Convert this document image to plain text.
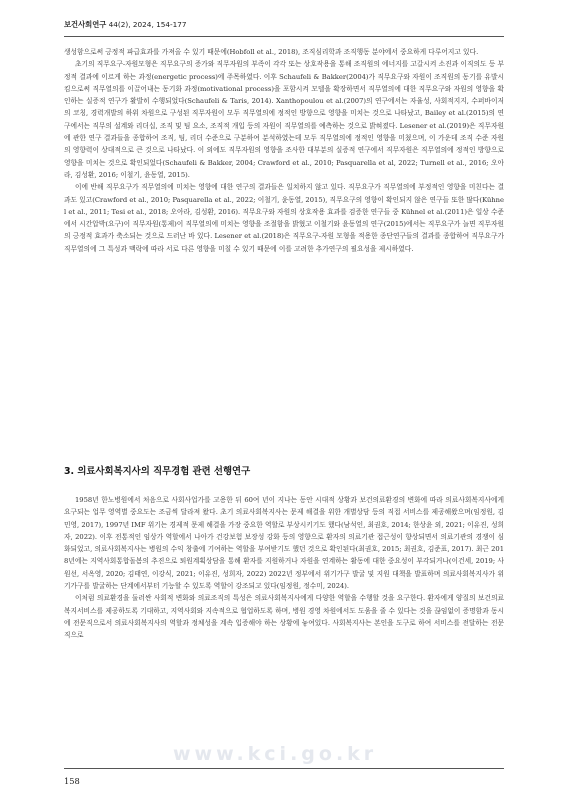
보건사회연구 44(2), 2024, 154-177

생성함으로써 긍정적 파급효과를 가져올 수 있기 때문에(Hobfoll et al., 2018), 조직심리학과 조직행동 분야에서 중요하게 다루어지고 있다.

초기의 직무요구-자원모형은 직무요구의 증가와 직무자원의 부족이 각각 또는 상호작용을 통해 조직원의 에너지를 고갈시켜 소진과 이직의도 등 부정적 결과에 이르게 하는 과정(energetic process)에 주목하였다. 이후 Schaufeli & Bakker(2004)가 직무요구와 자원이 조직원의 동기를 유발시킴으로써 직무열의를 이끌어내는 동기화 과정(motivational process)을 포함시켜 모델을 확장하면서 직무열의에 대한 직무요구와 자원의 영향을 확인하는 실증적 연구가 활발히 수행되었다(Schaufeli & Taris, 2014). Xanthopoulou et al.(2007)의 연구에서는 자율성, 사회적지지, 수퍼바이저의 코칭, 경력개발의 하위 차원으로 구성된 직무자원이 모두 직무열의에 정적인 방향으로 영향을 미치는 것으로 나타났고, Bailey et al.(2015)의 연구에서는 직무의 설계와 리더십, 조직 및 팀 요소, 조직적 개입 등의 자원이 직무열의를 예측하는 것으로 밝혀졌다. Lesener et al.(2019)은 직무자원에 관한 연구 결과들을 종합하여 조직, 팀, 리더 수준으로 구분하여 분석하였는데 모두 직무열의에 정적인 영향을 미쳤으며, 이 가운데 조직 수준 자원의 영향력이 상대적으로 큰 것으로 나타났다. 이 외에도 직무자원의 영향을 조사한 대부분의 실증적 연구에서 직무자원은 직무열의에 정적인 방향으로 영향을 미치는 것으로 확인되었다(Schaufeli & Bakker, 2004; Crawford et al., 2010; Pasquarella et al, 2022; Turnell et al., 2016; 오아라, 김성환, 2016; 이철기, 윤동열, 2015).

이에 반해 직무요구가 직무열의에 미치는 영향에 대한 연구의 결과들은 일치하지 않고 있다. 직무요구가 직무열의에 부정적인 영향을 미친다는 결과도 있고(Crawford et al., 2010; Pasquarella et al., 2022; 이철기, 윤동열, 2015), 직무요구의 영향이 확인되지 않은 연구들 또한 많다(Kühnel et al., 2011; Tesi et al., 2018; 오아라, 김성환, 2016). 직무요구와 자원의 상호작용 효과를 검증한 연구들 중 Kühnel et al.(2011)은 일상 수준에서 시간압박(요구)이 직무자원(통제)이 직무열의에 미치는 영향을 조절함을 밝혔고 이철기와 윤동열의 연구(2015)에서는 직무요구가 늘면 직무자원의 긍정적 효과가 축소되는 것으로 드러난 바 있다. Lesener et al.(2018)은 직무요구-자원 모형을 적용한 종단연구들의 결과를 종합하여 직무요구가 직무열의에 그 특성과 맥락에 따라 서로 다른 영향을 미칠 수 있기 때문에 이를 고려한 추가연구의 필요성을 제시하였다.

3. 의료사회복지사의 직무경험 관련 선행연구

1958년 한노병원에서 처음으로 사회사업가를 고용한 뒤 60여 년이 지나는 동안 시대적 상황과 보건의료환경의 변화에 따라 의료사회복지사에게 요구되는 업무 영역별 중요도는 조금씩 달라져 왔다. 초기 의료사회복지사는 문제 해결을 위한 개별상담 등의 직접 서비스를 제공해왔으며(임정원, 김민영, 2017), 1997년 IMF 위기는 경제적 문제 해결을 가장 중요한 역할로 부상시키기도 했다(남석인, 최권호, 2014; 한상윤 외, 2021; 이유진, 성희자, 2022). 이후 전통적인 임상가 역할에서 나아가 건강보험 보장성 강화 등의 영향으로 환자의 의료기관 접근성이 향상되면서 의료기관의 경쟁이 심화되었고, 의료사회복지사는 병원의 수익 창출에 기여하는 역할을 부여받기도 했던 것으로 확인된다(최권호, 2015; 최권호, 김준표, 2017). 최근 2018년에는 지역사회통합돌봄의 추진으로 퇴원계획상담을 통해 환자를 지원하거나 자원을 연계하는 활동에 대한 중요성이 부각되거나(이건세, 2019; 사원선, 서옥영, 2020; 김태연, 이강식, 2021; 이유진, 성희자, 2022) 2022년 정부에서 위기가구 발굴 및 지원 대책을 발표하며 의료사회복지사가 위기가구를 발굴하는 단계에서부터 기능할 수 있도록 역할이 강조되고 있다(임정원, 정수미, 2024).

이처럼 의료환경을 둘러싼 사회적 변화와 의료조직의 특성은 의료사회복지사에게 다양한 역할을 수행할 것을 요구한다. 환자에게 양질의 보건의료복지서비스를 제공하도록 기대하고, 지역사회와 지속적으로 협업하도록 하며, 병원 경영 차원에서도 도움을 줄 수 있다는 것을 끊임없이 증명함과 동시에 전문직으로서 의료사회복지사의 역할과 정체성을 계속 입증해야 하는 상황에 놓여있다. 사회복지사는 본인을 도구로 하여 서비스를 전달하는 전문직으로

www.kci.go.kr
158
